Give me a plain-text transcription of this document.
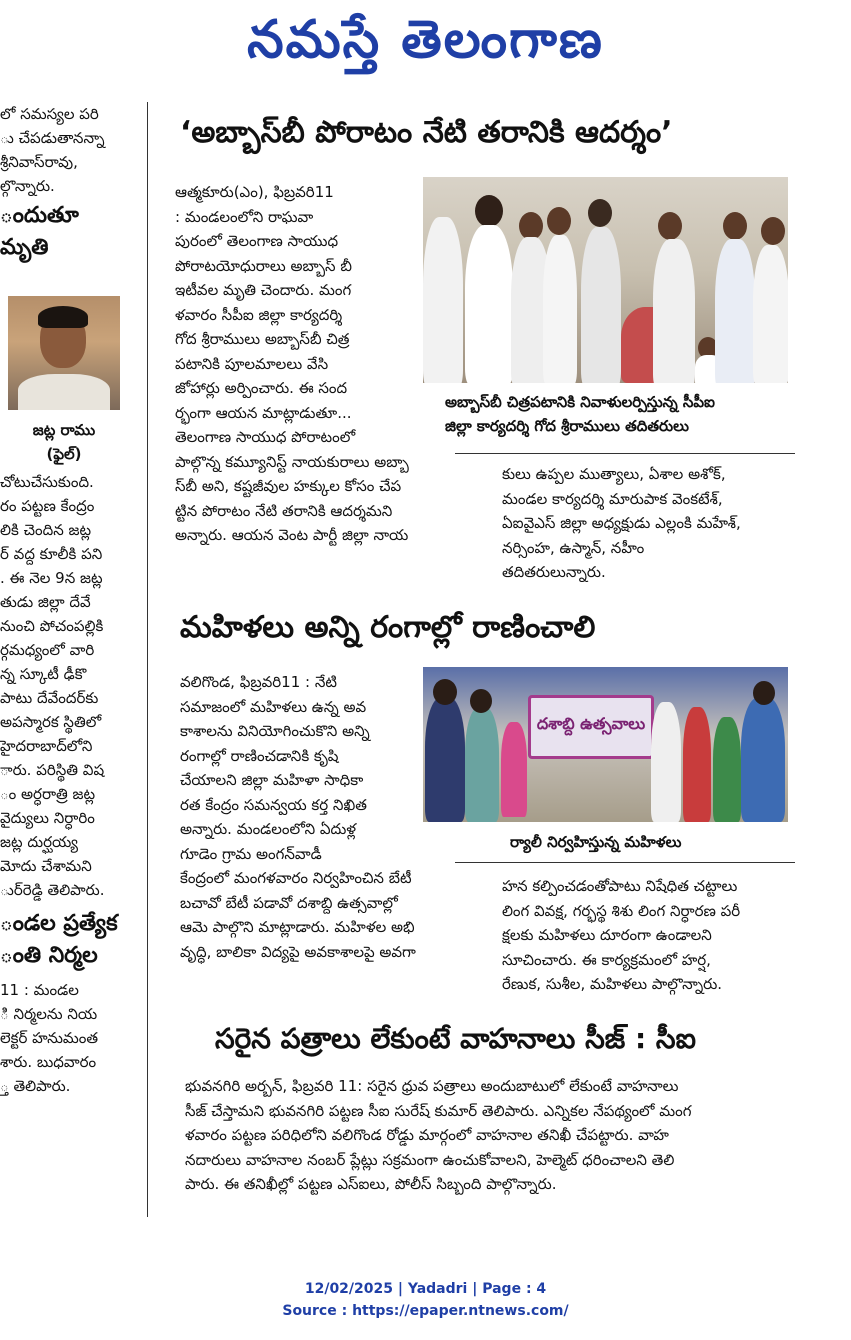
నమస్తే తెలంగాణ

లో సమస్యల పరి

ు చేపడుతానన్నా

శ్రీనివాస్‌రావు,

ల్గొన్నారు.

ందుతూ
మృతి

చోటుచేసుకుంది.

రం పట్టణ కేంద్రం

లికి చెందిన జట్ల

ర్ వద్ద కూలీకి పని

. ఈ నెల 9న జట్ల

తుడు జిల్లా దేవే

నుంచి పోచంపల్లికి

ర్గమధ్యంలో వారి

న్న స్కూటీ ఢీకొ

పాటు దేవేందర్‌కు

అపస్మారక స్థితిలో

హైదరాబాద్‌లోని

ారు. పరిస్థితి విష

ం అర్ధరాత్రి జట్ల

వైద్యులు నిర్ధారిం

జట్ల దుర్ఘయ్య

మోదు చేశామని

ుర్‌రెడ్డి తెలిపారు.

ండల ప్రత్యేక
ంతి నిర్మల

11 : మండల

ి నిర్మలను నియ

లెక్టర్ హనుమంత

శారు. బుధవారం

్త తెలిపారు.

జట్ల రాము
(ఫైల్)
‘అబ్బాస్‌బీ పోరాటం నేటి తరానికి ఆదర్శం’

ఆత్మకూరు(ఎం), ఫిబ్రవరి11

: మండలంలోని రాఘవా

పురంలో తెలంగాణ సాయుధ

పోరాటయోధురాలు అబ్బాస్ బీ

ఇటీవల మృతి చెందారు. మంగ

ళవారం సీపీఐ జిల్లా కార్యదర్శి

గోద శ్రీరాములు అబ్బాస్‌బీ చిత్ర

పటానికి పూలమాలలు వేసి

జోహార్లు అర్పించారు. ఈ సంద

ర్భంగా ఆయన మాట్లాడుతూ...

తెలంగాణ సాయుధ పోరాటంలో

పాల్గొన్న కమ్యూనిస్ట్ నాయకురాలు అబ్బా

స్‌బీ అని, కష్టజీవుల హక్కుల కోసం చేప

ట్టిన పోరాటం నేటి తరానికి ఆదర్శమని

అన్నారు. ఆయన వెంట పార్టీ జిల్లా నాయ

అబ్బాస్‌బీ చిత్రపటానికి నివాళులర్పిస్తున్న సీపీఐ
జిల్లా కార్యదర్శి గోద శ్రీరాములు తదితరులు

కులు ఉప్పల ముత్యాలు, ఏశాల అశోక్,

మండల కార్యదర్శి మారుపాక వెంకటేశ్,

ఏఐవైఎస్ జిల్లా అధ్యక్షుడు ఎల్లంకి మహేశ్,

నర్సింహ, ఉస్మాన్, నహీం

తదితరులున్నారు.

మహిళలు అన్ని రంగాల్లో రాణించాలి

వలిగొండ, ఫిబ్రవరి11 : నేటి

సమాజంలో మహిళలు ఉన్న అవ

కాశాలను వినియోగించుకొని అన్ని

రంగాల్లో రాణించడానికి కృషి

చేయాలని జిల్లా మహిళా సాధికా

రత కేంద్రం సమన్వయ కర్త నిఖిత

అన్నారు. మండలంలోని ఏదుళ్ల

గూడెం గ్రామ అంగన్‌వాడీ

కేంద్రంలో మంగళవారం నిర్వహించిన బేటీ

బచావో బేటీ పడావో దశాబ్ది ఉత్సవాల్లో

ఆమె పాల్గొని మాట్లాడారు. మహిళల అభి

వృద్ధి, బాలికా విద్యపై అవకాశాలపై అవగా

దశాబ్ది ఉత్సవాలు
ర్యాలీ నిర్వహిస్తున్న మహిళలు

హన కల్పించడంతోపాటు నిషేధిత చట్టాలు

లింగ వివక్ష, గర్భస్థ శిశు లింగ నిర్ధారణ పరీ

క్షలకు మహిళలు దూరంగా ఉండాలని

సూచించారు. ఈ కార్యక్రమంలో హర్ష,

రేణుక, సుశీల, మహిళలు పాల్గొన్నారు.

సరైన పత్రాలు లేకుంటే వాహనాలు సీజ్ : సీఐ

భువనగిరి అర్బన్, ఫిబ్రవరి 11: సరైన ధ్రువ పత్రాలు అందుబాటులో లేకుంటే వాహనాలు

సీజ్ చేస్తామని భువనగిరి పట్టణ సీఐ సురేష్ కుమార్ తెలిపారు. ఎన్నికల నేపథ్యంలో మంగ

ళవారం పట్టణ పరిధిలోని వలిగొండ రోడ్డు మార్గంలో వాహనాల తనిఖీ చేపట్టారు. వాహ

నదారులు వాహనాల నంబర్ ప్లేట్లు సక్రమంగా ఉంచుకోవాలని, హెల్మెట్ ధరించాలని తెలి

పారు. ఈ తనిఖీల్లో పట్టణ ఎస్ఐలు, పోలీస్ సిబ్బంది పాల్గొన్నారు.

12/02/2025 | Yadadri | Page : 4
Source : https://epaper.ntnews.com/
